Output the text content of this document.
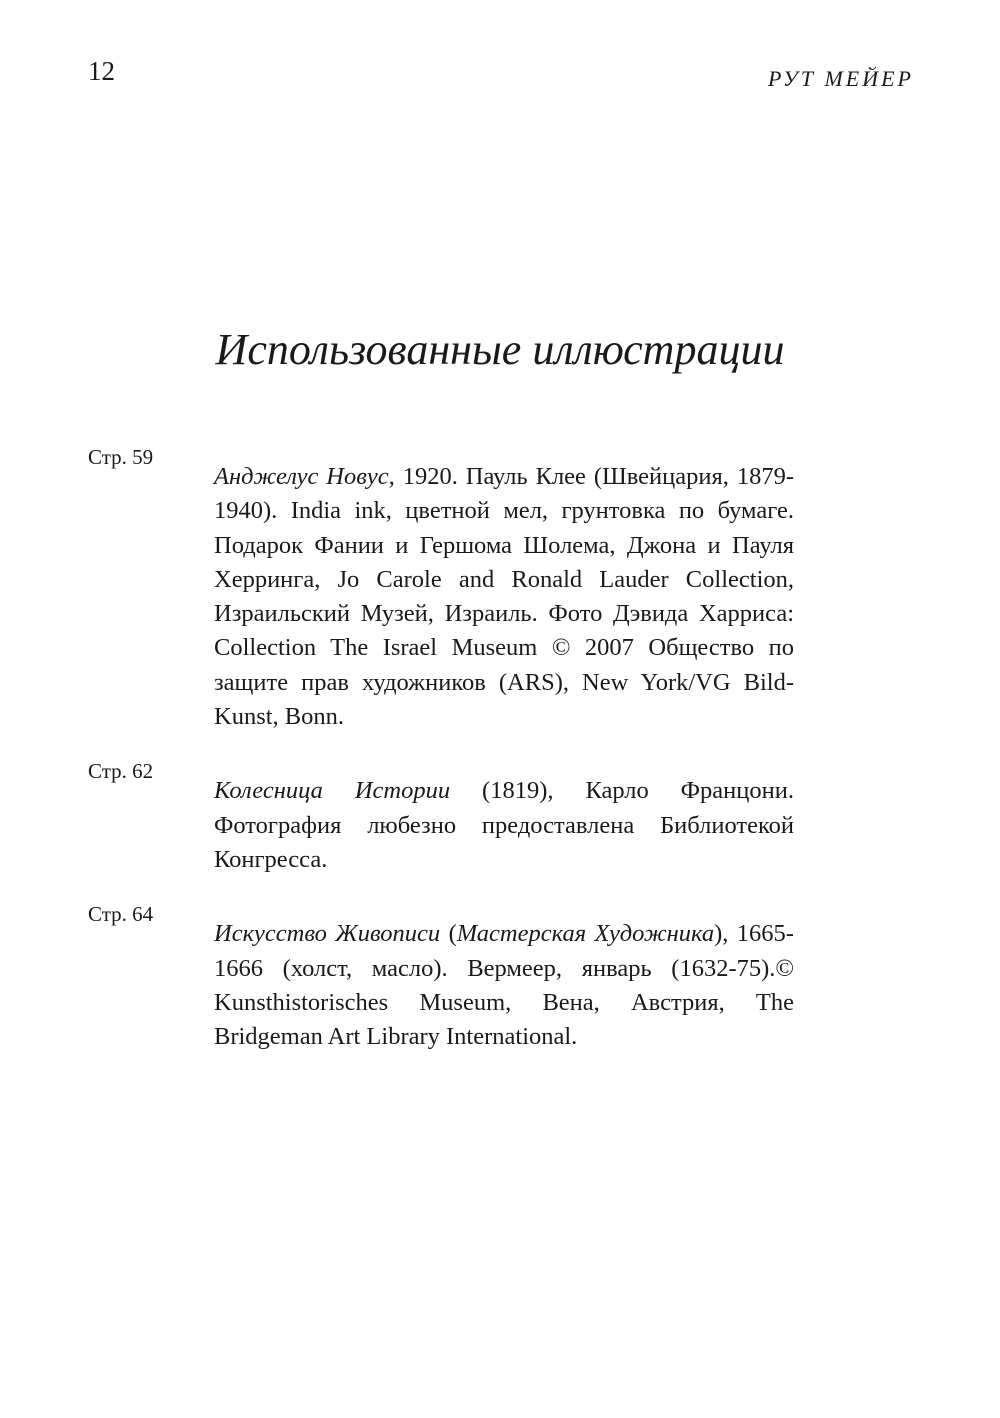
12	РУТ МЕЙЕР
Использованные иллюстрации
Стр. 59

Анджелус Новус, 1920. Пауль Клее (Швейцария, 1879-1940). India ink, цветной мел, грунтовка по бумаге. Подарок Фании и Гершома Шолема, Джона и Пауля Херринга, Jo Carole and Ronald Lauder Collection, Израильский Музей, Израиль. Фото Дэвида Харриса: Collection The Israel Museum © 2007 Общество по защите прав художников (ARS), New York/VG Bild-Kunst, Bonn.

Стр. 62

Колесница Истории (1819), Карло Францони. Фотография любезно предоставлена Библиотекой Конгресса.

Стр. 64

Искусство Живописи (Мастерская Художника), 1665-1666 (холст, масло). Вермеер, январь (1632-75).© Kunsthistorisches Museum, Вена, Австрия, The Bridgeman Art Library International.
